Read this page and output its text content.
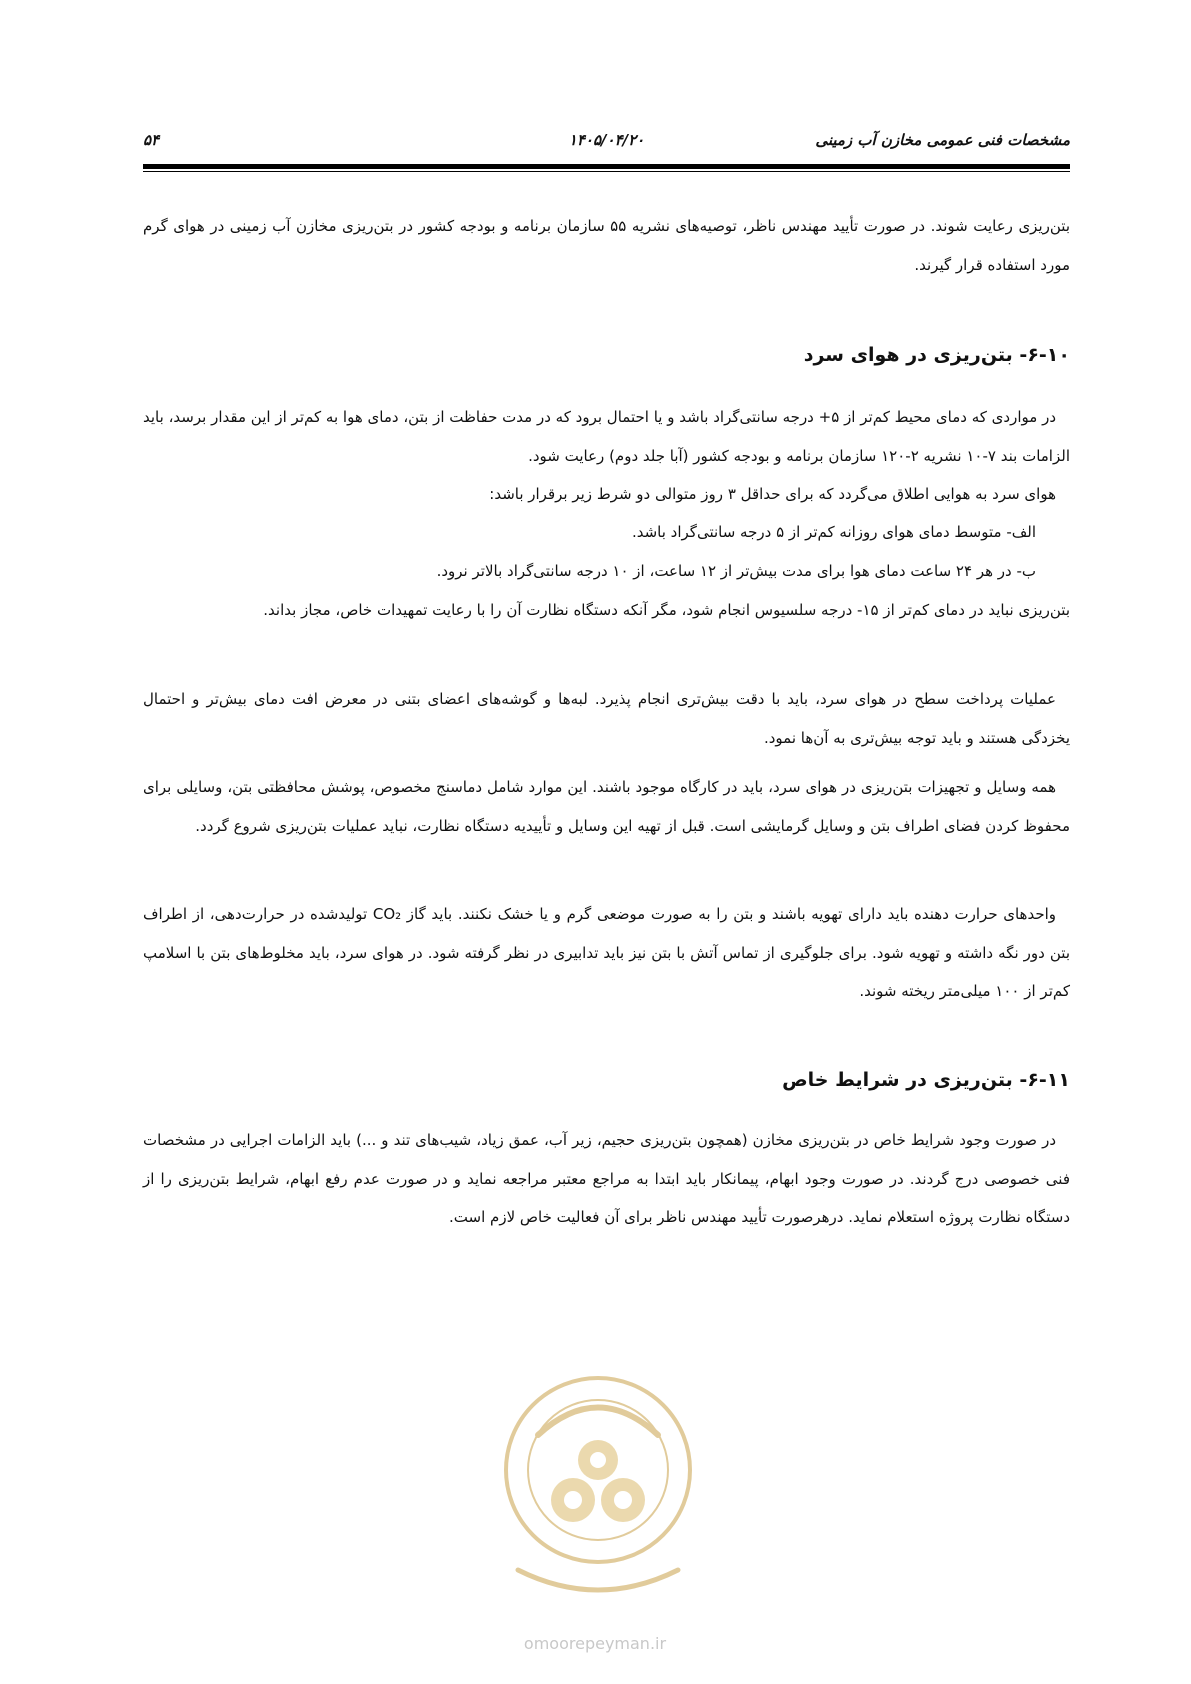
مشخصات فنی عمومی مخازن آب زمینی
۱۴۰۵/۰۴/۲۰
۵۴

بتن‌ریزی رعایت شوند. در صورت تأیید مهندس ناظر، توصیه‌های نشریه ۵۵ سازمان برنامه و بودجه کشور در بتن‌ریزی مخازن آب زمینی در هوای گرم مورد استفاده قرار گیرند.

۶-۱۰- بتن‌ریزی در هوای سرد

در مواردی که دمای محیط کم‌تر از ۵+ درجه سانتی‌گراد باشد و یا احتمال برود که در مدت حفاظت از بتن، دمای هوا به کم‌تر از این مقدار برسد، باید الزامات بند ۷-۱۰ نشریه ۲-۱۲۰ سازمان برنامه و بودجه کشور (آبا جلد دوم) رعایت شود.

هوای سرد به هوایی اطلاق می‌گردد که برای حداقل ۳ روز متوالی دو شرط زیر برقرار باشد:

الف- متوسط دمای هوای روزانه کم‌تر از ۵ درجه سانتی‌گراد باشد.

ب- در هر ۲۴ ساعت دمای هوا برای مدت بیش‌تر از ۱۲ ساعت، از ۱۰ درجه سانتی‌گراد بالاتر نرود.

بتن‌ریزی نباید در دمای کم‌تر از ۱۵- درجه سلسیوس انجام شود، مگر آنکه دستگاه نظارت آن را با رعایت تمهیدات خاص، مجاز بداند.

عملیات پرداخت سطح در هوای سرد، باید با دقت بیش‌تری انجام پذیرد. لبه‌ها و گوشه‌های اعضای بتنی در معرض افت دمای بیش‌تر و احتمال یخزدگی هستند و باید توجه بیش‌تری به آن‌ها نمود.

همه وسایل و تجهیزات بتن‌ریزی در هوای سرد، باید در کارگاه موجود باشند. این موارد شامل دماسنج مخصوص، پوشش محافظتی بتن، وسایلی برای محفوظ کردن فضای اطراف بتن و وسایل گرمایشی است. قبل از تهیه این وسایل و تأییدیه دستگاه نظارت، نباید عملیات بتن‌ریزی شروع گردد.

واحدهای حرارت دهنده باید دارای تهویه باشند و بتن را به صورت موضعی گرم و یا خشک نکنند. باید گاز CO₂ تولیدشده در حرارت‌دهی، از اطراف بتن دور نگه داشته و تهویه شود. برای جلوگیری از تماس آتش با بتن نیز باید تدابیری در نظر گرفته شود. در هوای سرد، باید مخلوط‌های بتن با اسلامپ کم‌تر از ۱۰۰ میلی‌متر ریخته شوند.

۶-۱۱- بتن‌ریزی در شرایط خاص

در صورت وجود شرایط خاص در بتن‌ریزی مخازن (همچون بتن‌ریزی حجیم، زیر آب، عمق زیاد، شیب‌های تند و ...) باید الزامات اجرایی در مشخصات فنی خصوصی درج گردند. در صورت وجود ابهام، پیمانکار باید ابتدا به مراجع معتبر مراجعه نماید و در صورت عدم رفع ابهام، شرایط بتن‌ریزی را از دستگاه نظارت پروژه استعلام نماید. درهرصورت تأیید مهندس ناظر برای آن فعالیت خاص لازم است.

omoorepeyman.ir
